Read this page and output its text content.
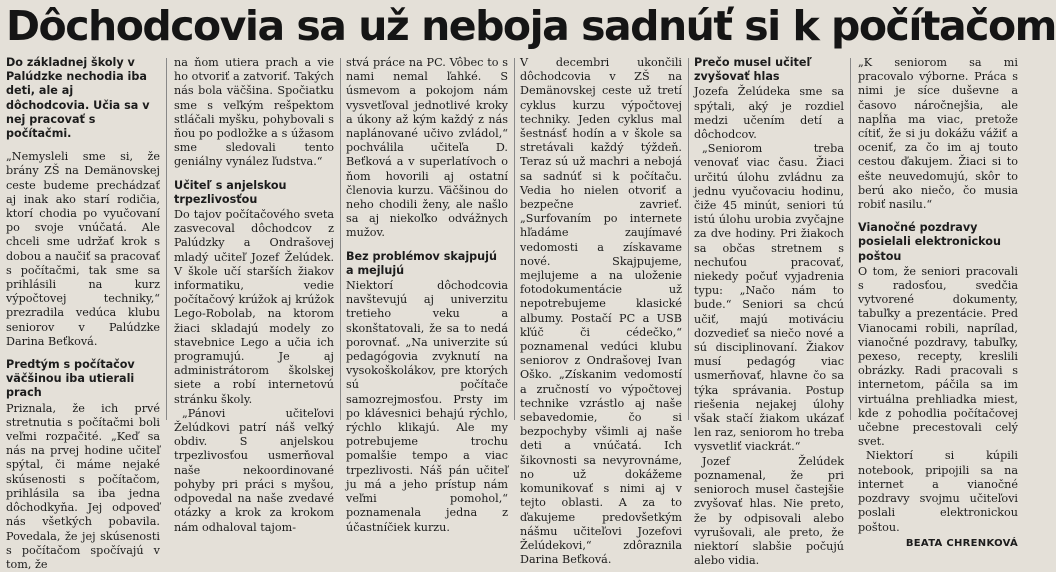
Dôchodcovia sa už neboja sadnúť si k počítačom
Do základnej školy v Palúdzke nechodia iba deti, ale aj dôchodcovia. Učia sa v nej pracovať s počítačmi.

„Nemysleli sme si, že brány ZŠ na Demänovskej ceste budeme prechádzať aj inak ako starí rodičia, ktorí chodia po vyučovaní po svoje vnúčatá. Ale chceli sme udržať krok s dobou a naučiť sa pracovať s počítačmi, tak sme sa prihlásili na kurz výpočtovej techniky,“ prezradila vedúca klubu seniorov v Palúdzke Darina Beťková.

Predtým s počítačov väčšinou iba utierali prach

Priznala, že ich prvé stretnutia s počítačmi boli veľmi rozpačité. „Keď sa nás na prvej hodine učiteľ spýtal, či máme nejaké skúsenosti s počítačom, prihlásila sa iba jedna dôchodkyňa. Jej odpoveď nás všetkých pobavila. Povedala, že jej skúsenosti s počítačom spočívajú v tom, že

na ňom utiera prach a vie ho otvoriť a zatvoriť. Takých nás bola väčšina. Spočiatku sme s veľkým rešpektom stláčali myšku, pohybovali s ňou po podložke a s úžasom sme sledovali tento geniálny vynález ľudstva.“

Učiteľ s anjelskou trpezlivosťou

Do tajov počítačového sveta zasvecoval dôchodcov z Palúdzky a Ondrašovej mladý učiteľ Jozef Želúdek. V škole učí starších žiakov informatiku, vedie počítačový krúžok aj krúžok Lego-Robolab, na ktorom žiaci skladajú modely zo stavebnice Lego a učia ich programujú. Je aj administrátorom školskej siete a robí internetovú stránku školy.

„Pánovi učiteľovi Želúdkovi patrí náš veľký obdiv. S anjelskou trpezlivosťou usmerňoval naše nekoordinované pohyby pri práci s myšou, odpovedal na naše zvedavé otázky a krok za krokom nám odhaloval tajom-

stvá práce na PC. Vôbec to s nami nemal ľahké. S úsmevom a pokojom nám vysvetľoval jednotlivé kroky a úkony až kým každý z nás naplánované učivo zvládol,“ pochválila učiteľa D. Beťková a v superlatívoch o ňom hovorili aj ostatní členovia kurzu. Väčšinou do neho chodili ženy, ale našlo sa aj niekoľko odvážnych mužov.

Bez problémov skajpujú a mejlujú

Niektorí dôchodcovia navštevujú aj univerzitu tretieho veku a skonštatovali, že sa to nedá porovnať. „Na univerzite sú pedagógovia zvyknutí na vysokoškolákov, pre ktorých sú počítače samozrejmosťou. Prsty im po klávesnici behajú rýchlo, rýchlo klikajú. Ale my potrebujeme trochu pomalšie tempo a viac trpezlivosti. Náš pán učiteľ ju má a jeho prístup nám veľmi pomohol,“ poznamenala jedna z účastníčiek kurzu.

V decembri ukončili dôchodcovia v ZŠ na Demänovskej ceste už tretí cyklus kurzu výpočtovej techniky. Jeden cyklus mal šestnásť hodín a v škole sa stretávali každý týždeň. Teraz sú už machri a nebojá sa sadnúť si k počítaču. Vedia ho nielen otvoriť a bezpečne zavrieť. „Surfovaním po internete hľadáme zaujímavé vedomosti a získavame nové. Skajpujeme, mejlujeme a na uloženie fotodokumentácie už nepotrebujeme klasické albumy. Postačí PC a USB kľúč či cédečko,“ poznamenal vedúci klubu seniorov z Ondrašovej Ivan Oško. „Získanim vedomostí a zručností vo výpočtovej technike vzrástlo aj naše sebavedomie, čo si bezpochyby všimli aj naše deti a vnúčatá. Ich šikovnosti sa nevyrovnáme, no už dokážeme komunikovať s nimi aj v tejto oblasti. A za to ďakujeme predovšetkým nášmu učiteľovi Jozefovi Želúdekovi,“ zdôraznila Darina Beťková.

Prečo musel učiteľ zvyšovať hlas

Jozefa Želúdeka sme sa spýtali, aký je rozdiel medzi učením detí a dôchodcov.

„Seniorom treba venovať viac času. Žiaci určitú úlohu zvládnu za jednu vyučovaciu hodinu, čiže 45 minút, seniori tú istú úlohu urobia zvyčajne za dve hodiny. Pri žiakoch sa občas stretnem s nechuťou pracovať, niekedy počuť vyjadrenia typu: „Načo nám to bude.“ Seniori sa chcú učiť, majú motiváciu dozvedieť sa niečo nové a sú disciplinovaní. Žiakov musí pedagóg viac usmerňovať, hlavne čo sa týka správania. Postup riešenia nejakej úlohy však stačí žiakom ukázať len raz, seniorom ho treba vysvetliť viackrát.“

Jozef Želúdek poznamenal, že pri senioroch musel častejšie zvyšovať hlas. Nie preto, že by odpisovali alebo vyrušovali, ale preto, že niektorí slabšie počujú alebo vidia.

„K seniorom sa mi pracovalo výborne. Práca s nimi je síce duševne a časovo náročnejšia, ale napĺňa ma viac, pretože cítiť, že si ju dokážu vážiť a oceniť, za čo im aj touto cestou ďakujem. Žiaci si to ešte neuvedomujú, skôr to berú ako niečo, čo musia robiť nasilu.“

Vianočné pozdravy posielali elektronickou poštou

O tom, že seniori pracovali s radosťou, svedčia vytvorené dokumenty, tabuľky a prezentácie. Pred Vianocami robili, naprílad, vianočné pozdravy, tabuľky, pexeso, recepty, kreslili obrázky. Radi pracovali s internetom, páčila sa im virtuálna prehliadka miest, kde z pohodlia počítačovej učebne precestovali celý svet.

Niektorí si kúpili notebook, pripojili sa na internet a vianočné pozdravy svojmu učiteľovi poslali elektronickou poštou.

BEATA CHRENKOVÁ
